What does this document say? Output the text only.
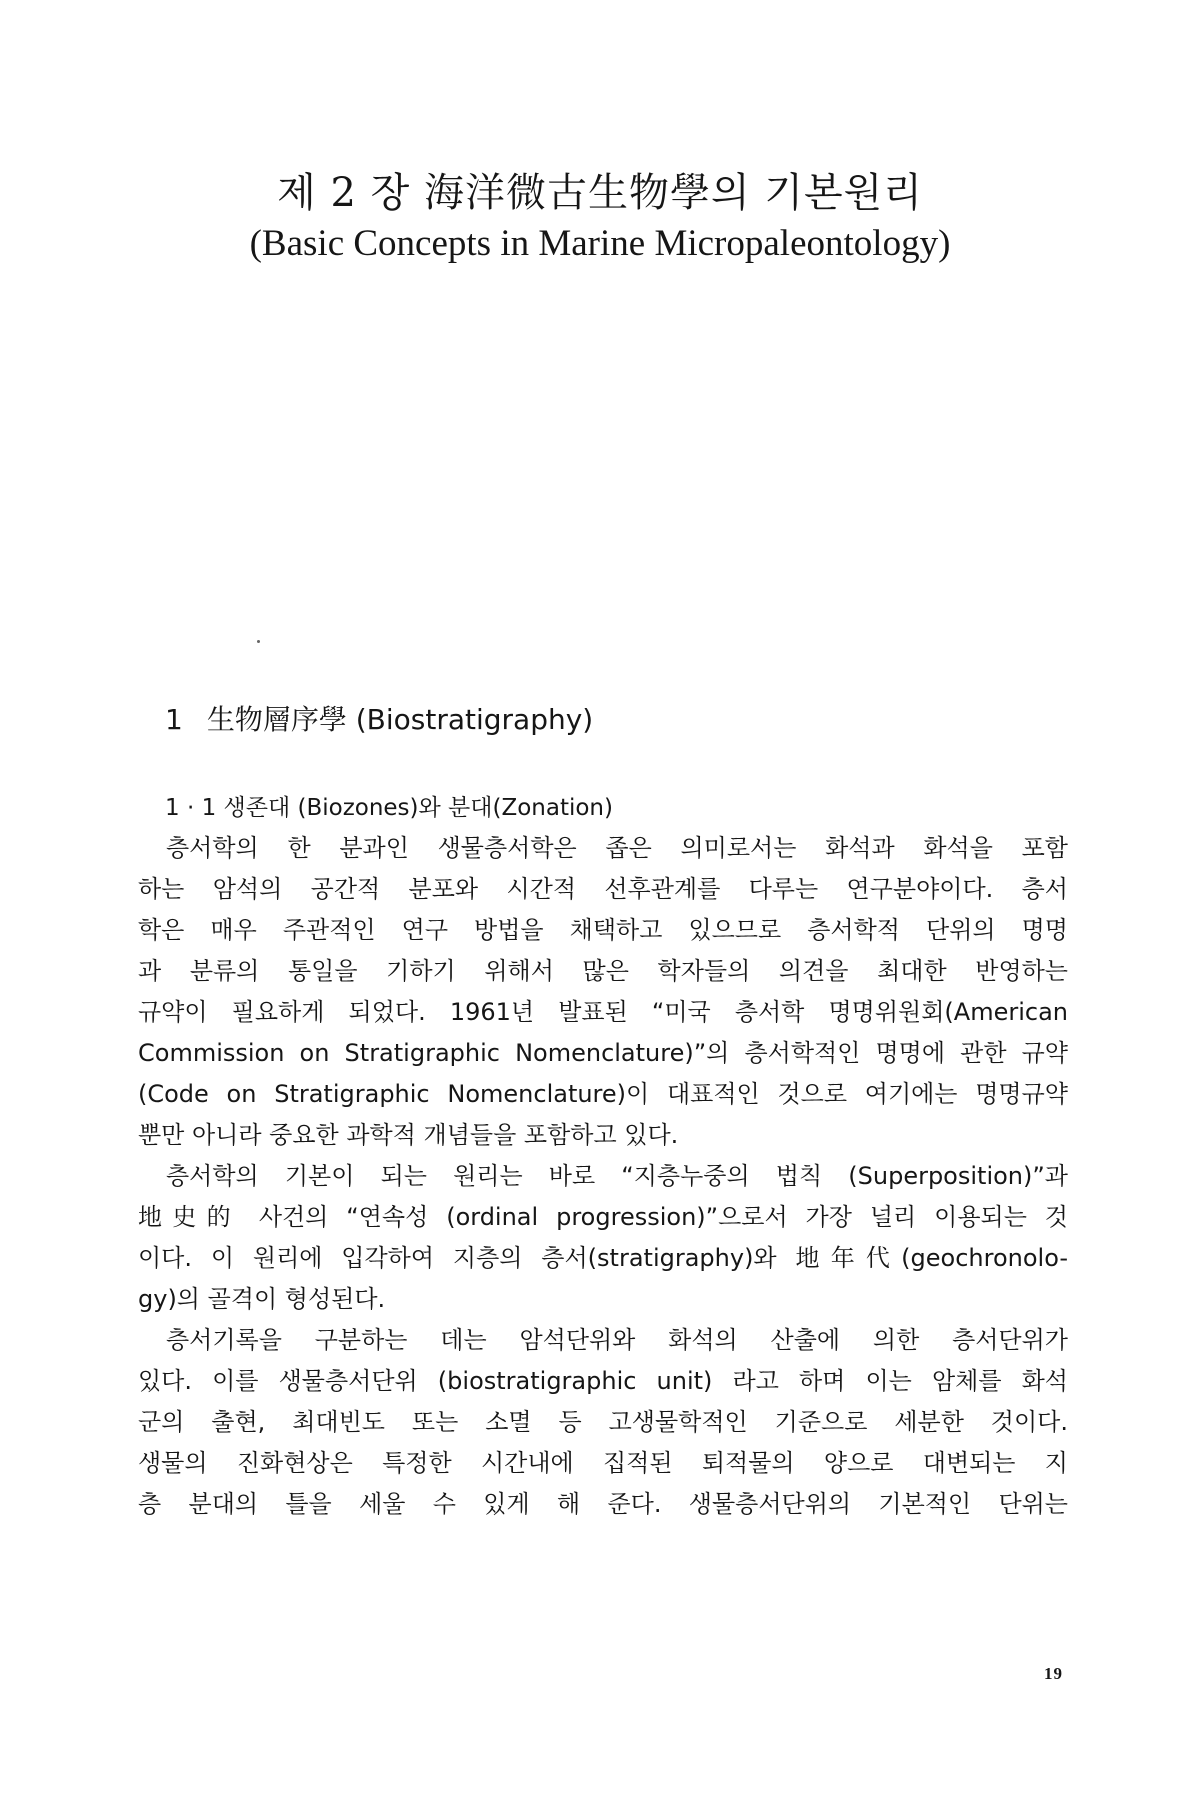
제 2 장 海洋微古生物學의 기본원리
(Basic Concepts in Marine Micropaleontology)
1 生物層序學 (Biostratigraphy)
1 · 1 생존대 (Biozones)와 분대(Zonation)
층서학의 한 분과인 생물층서학은 좁은 의미로서는 화석과 화석을 포함
하는 암석의 공간적 분포와 시간적 선후관계를 다루는 연구분야이다. 층서
학은 매우 주관적인 연구 방법을 채택하고 있으므로 층서학적 단위의 명명
과 분류의 통일을 기하기 위해서 많은 학자들의 의견을 최대한 반영하는
규약이 필요하게 되었다. 1961년 발표된 “미국 층서학 명명위원회(American
Commission on Stratigraphic Nomenclature)”의 층서학적인 명명에 관한 규약
(Code on Stratigraphic Nomenclature)이 대표적인 것으로 여기에는 명명규약
뿐만 아니라 중요한 과학적 개념들을 포함하고 있다.
층서학의 기본이 되는 원리는 바로 “지층누중의 법칙 (Superposition)”과
地史的 사건의 “연속성 (ordinal progression)”으로서 가장 널리 이용되는 것
이다. 이 원리에 입각하여 지층의 층서(stratigraphy)와 地年代(geochronolo-
gy)의 골격이 형성된다.
층서기록을 구분하는 데는 암석단위와 화석의 산출에 의한 층서단위가
있다. 이를 생물층서단위 (biostratigraphic unit) 라고 하며 이는 암체를 화석
군의 출현, 최대빈도 또는 소멸 등 고생물학적인 기준으로 세분한 것이다.
생물의 진화현상은 특정한 시간내에 집적된 퇴적물의 양으로 대변되는 지
층 분대의 틀을 세울 수 있게 해 준다. 생물층서단위의 기본적인 단위는
19
